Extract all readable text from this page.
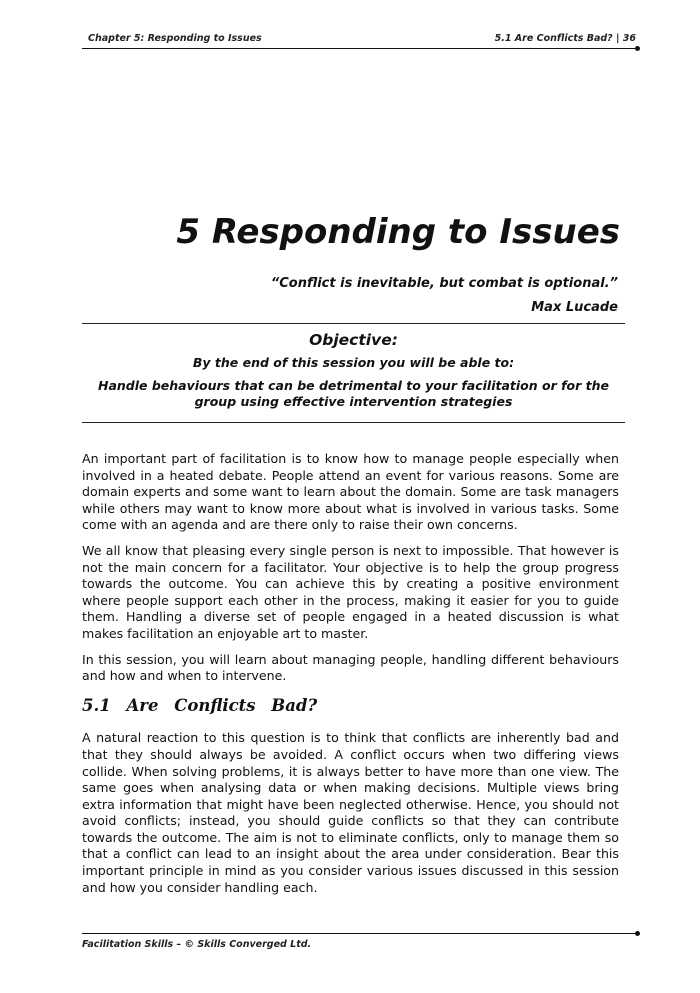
Chapter 5: Responding to Issues	5.1 Are Conflicts Bad? | 36
5 Responding to Issues
“Conflict is inevitable, but combat is optional.”
Max Lucade
Objective:
By the end of this session you will be able to:
Handle behaviours that can be detrimental to your facilitation or for the group using effective intervention strategies

An important part of facilitation is to know how to manage people especially when involved in a heated debate. People attend an event for various reasons. Some are domain experts and some want to learn about the domain. Some are task managers while others may want to know more about what is involved in various tasks. Some come with an agenda and are there only to raise their own concerns.

We all know that pleasing every single person is next to impossible. That however is not the main concern for a facilitator. Your objective is to help the group progress towards the outcome. You can achieve this by creating a positive environment where people support each other in the process, making it easier for you to guide them. Handling a diverse set of people engaged in a heated discussion is what makes facilitation an enjoyable art to master.

In this session, you will learn about managing people, handling different behaviours and how and when to intervene.

5.1 Are Conflicts Bad?

A natural reaction to this question is to think that conflicts are inherently bad and that they should always be avoided. A conflict occurs when two differing views collide. When solving problems, it is always better to have more than one view. The same goes when analysing data or when making decisions. Multiple views bring extra information that might have been neglected otherwise. Hence, you should not avoid conflicts; instead, you should guide conflicts so that they can contribute towards the outcome. The aim is not to eliminate conflicts, only to manage them so that a conflict can lead to an insight about the area under consideration. Bear this important principle in mind as you consider various issues discussed in this session and how you consider handling each.

Facilitation Skills – © Skills Converged Ltd.
